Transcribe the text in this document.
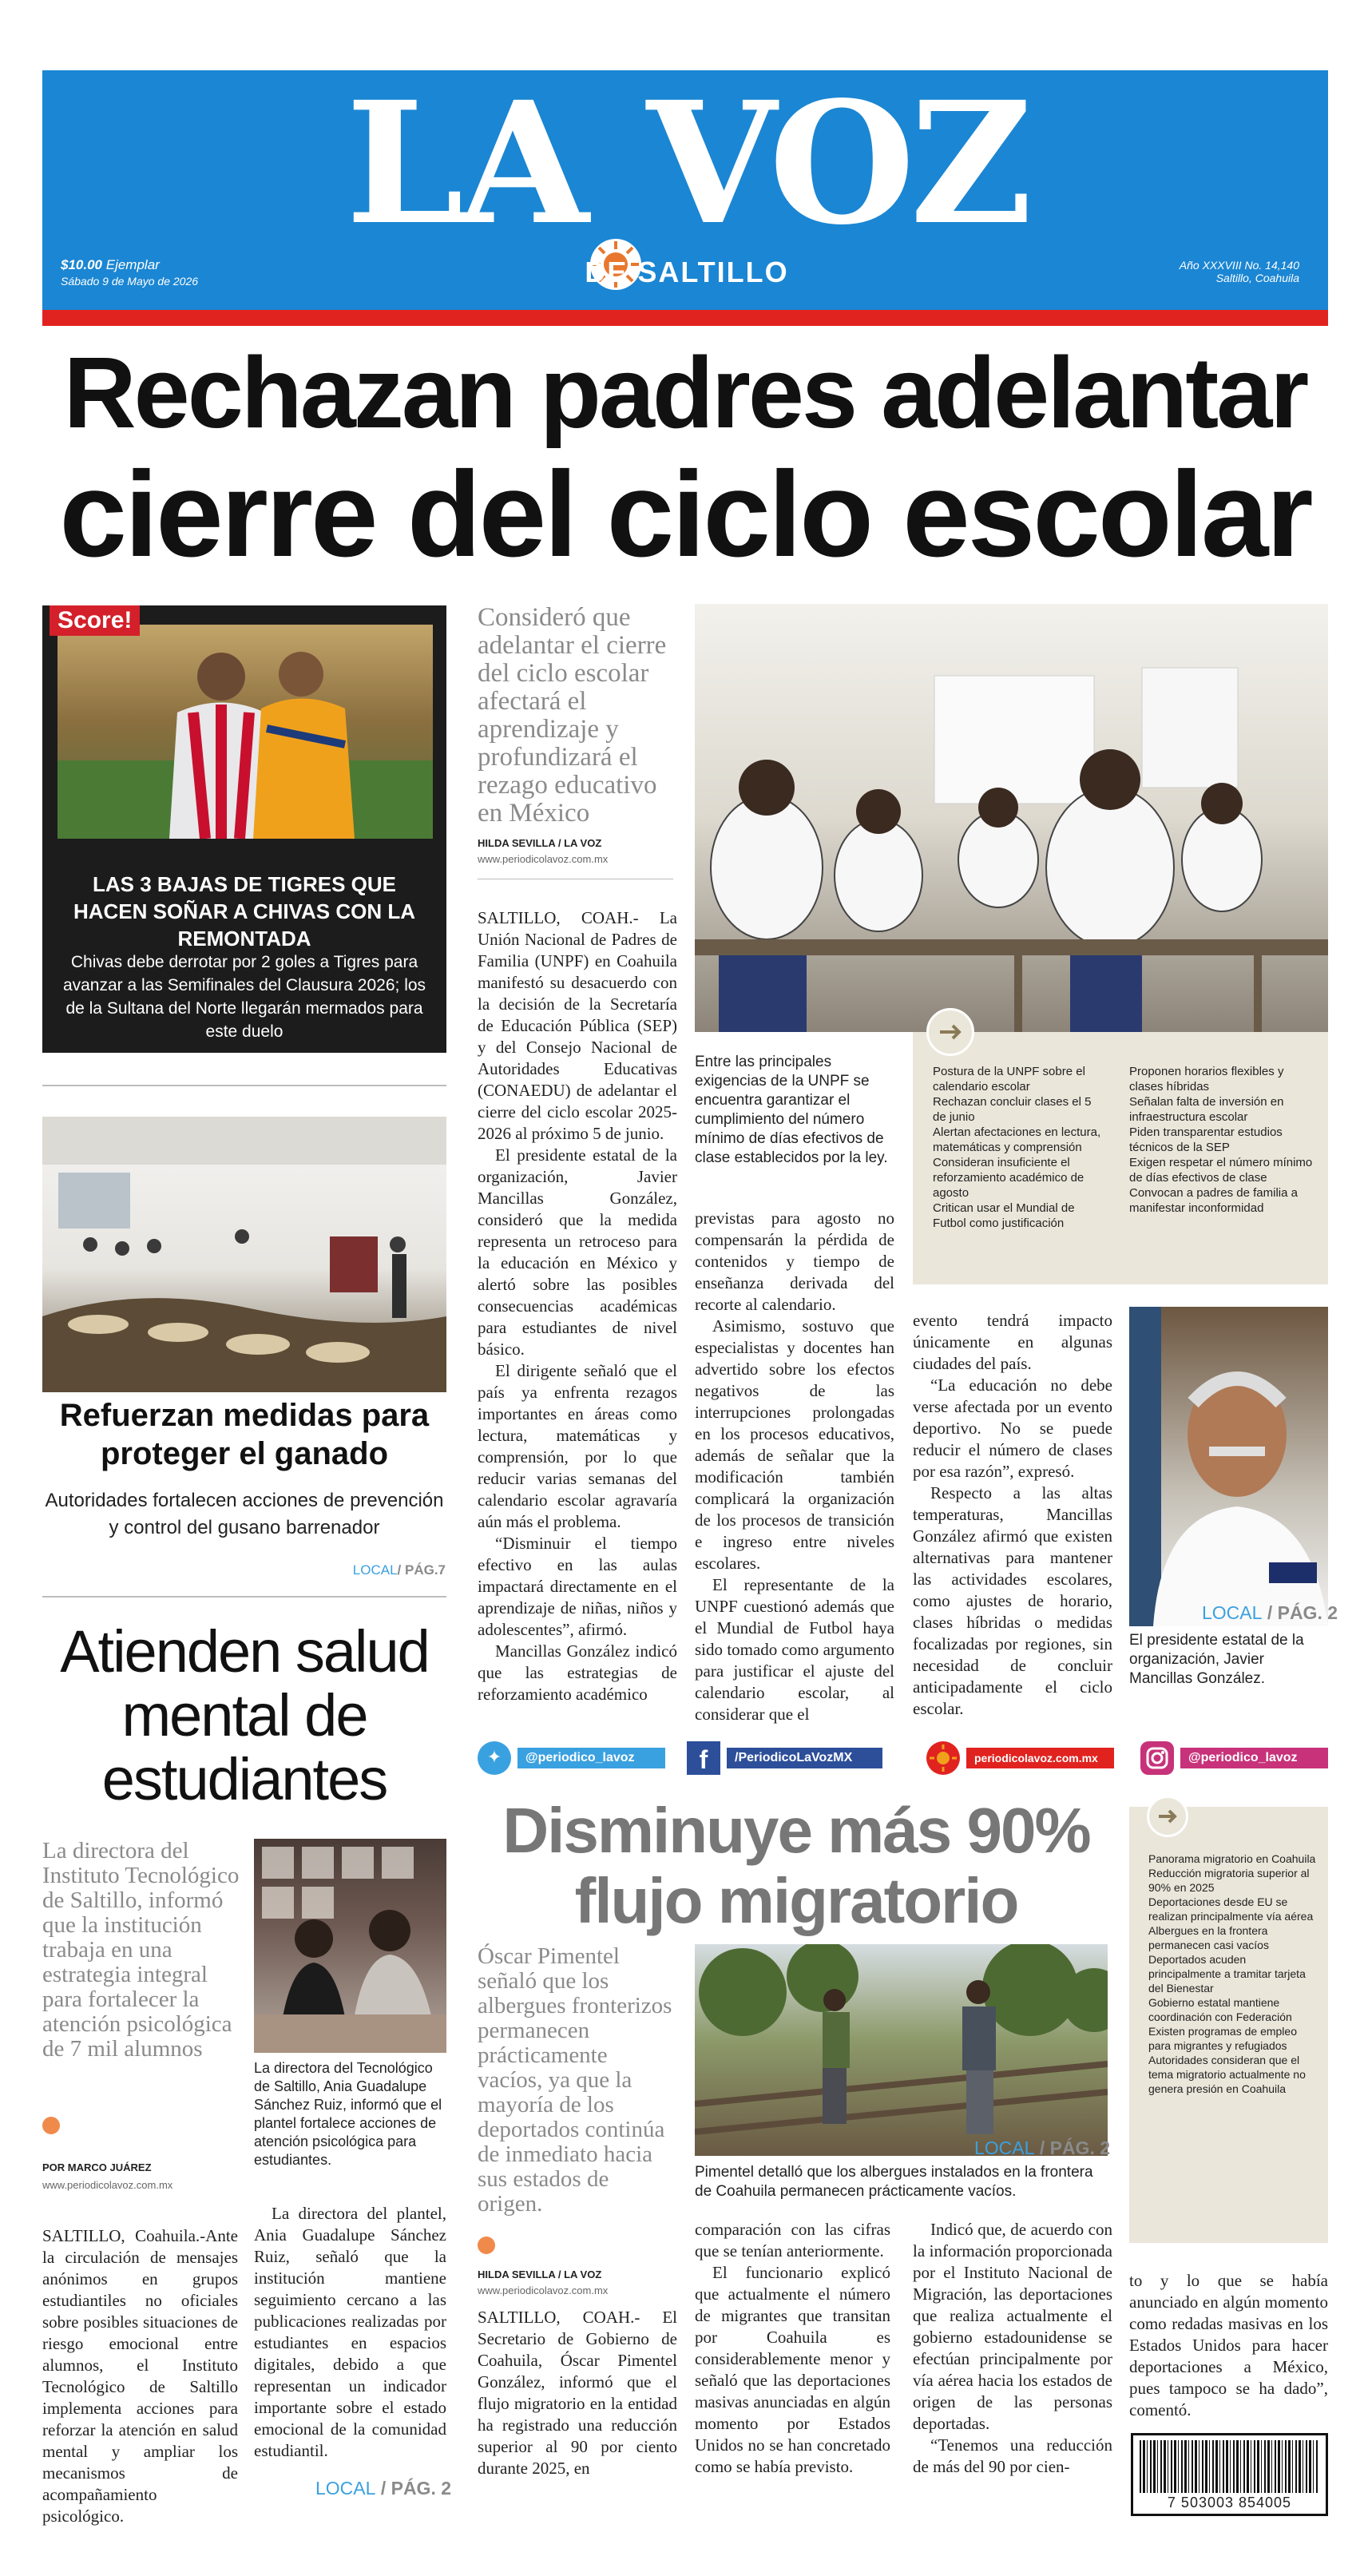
LA VOZ
DE SALTILLO
$10.00 Ejemplar
Sábado 9 de Mayo de 2026
Año XXXVIII No. 14,140
Saltillo, Coahuila
Rechazan padres adelantar
cierre del ciclo escolar
Score!
LAS 3 BAJAS DE TIGRES QUE HACEN SOÑAR A CHIVAS CON LA REMONTADA
Chivas debe derrotar por 2 goles a Tigres para avanzar a las Semifinales del Clausura 2026; los de la Sultana del Norte llegarán mermados para este duelo
Refuerzan medidas para proteger el ganado
Autoridades fortalecen acciones de prevención y control del gusano barrenador
LOCAL/ PÁG.7
Consideró que adelantar el cierre del ciclo escolar afectará el aprendizaje y profundizará el rezago educativo en México
HILDA SEVILLA / LA VOZ
www.periodicolavoz.com.mx

SALTILLO, COAH.- La Unión Nacional de Padres de Familia (UNPF) en Coahuila manifestó su desacuerdo con la decisión de la Secretaría de Educación Pública (SEP) y del Consejo Nacional de Autoridades Educativas (CONAEDU) de adelantar el cierre del ciclo escolar 2025-2026 al próximo 5 de junio.

El presidente estatal de la organización, Javier Mancillas González, consideró que la medida representa un retroceso para la educación en México y alertó sobre las posibles consecuencias académicas para estudiantes de nivel básico.

El dirigente señaló que el país ya enfrenta rezagos importantes en áreas como lectura, matemáticas y comprensión, por lo que reducir varias semanas del calendario escolar agravaría aún más el problema.

“Disminuir el tiempo efectivo en las aulas impactará directamente en el aprendizaje de niñas, niños y adolescentes”, afirmó.

Mancillas González indicó que las estrategias de reforzamiento académico

Entre las principales exigencias de la UNPF se encuentra garantizar el cumplimiento del número mínimo de días efectivos de clase establecidos por la ley.
Postura de la UNPF sobre el calendario escolar
Rechazan concluir clases el 5 de junio
Alertan afectaciones en lectura, matemáticas y comprensión
Consideran insuficiente el reforzamiento académico de agosto
Critican usar el Mundial de Futbol como justificación
Proponen horarios flexibles y clases híbridas
Señalan falta de inversión en infraestructura escolar
Piden transparentar estudios técnicos de la SEP
Exigen respetar el número mínimo de días efectivos de clase
Convocan a padres de familia a manifestar inconformidad

previstas para agosto no compensarán la pérdida de contenidos y tiempo de enseñanza derivada del recorte al calendario.

Asimismo, sostuvo que especialistas y docentes han advertido sobre los efectos negativos de las interrupciones prolongadas en los procesos educativos, además de señalar que la modificación también complicará la organización de los procesos de transición e ingreso entre niveles escolares.

El representante de la UNPF cuestionó además que el Mundial de Futbol haya sido tomado como argumento para justificar el ajuste del calendario escolar, al considerar que el

evento tendrá impacto únicamente en algunas ciudades del país.

“La educación no debe verse afectada por un evento deportivo. No se puede reducir el número de clases por esa razón”, expresó.

Respecto a las altas temperaturas, Mancillas González afirmó que existen alternativas para mantener las actividades escolares, como ajustes de horario, clases híbridas o medidas focalizadas por regiones, sin necesidad de concluir anticipadamente el ciclo escolar.

LOCAL / PÁG. 2
El presidente estatal de la organización, Javier Mancillas González.
✦	@periodico_lavoz	f	/PeriodicoLaVozMX	periodicolavoz.com.mx	@periodico_lavoz
Atienden salud mental de estudiantes
La directora del Instituto Tecnológico de Saltillo, informó que la institución trabaja en una estrategia integral para fortalecer la atención psicológica de 7 mil alumnos
POR MARCO JUÁREZ
www.periodicolavoz.com.mx
La directora del Tecnológico de Saltillo, Ania Guadalupe Sánchez Ruiz, informó que el plantel fortalece acciones de atención psicológica para estudiantes.

SALTILLO, Coahuila.-Ante la circulación de mensajes anónimos en grupos estudiantiles no oficiales sobre posibles situaciones de riesgo emocional entre alumnos, el Instituto Tecnológico de Saltillo implementa acciones para reforzar la atención en salud mental y ampliar los mecanismos de acompañamiento psicológico.

La directora del plantel, Ania Guadalupe Sánchez Ruiz, señaló que la institución mantiene seguimiento cercano a las publicaciones realizadas por estudiantes en espacios digitales, debido a que representan un indicador importante sobre el estado emocional de la comunidad estudiantil.

LOCAL / PÁG. 2
Disminuye más 90% flujo migratorio
Óscar Pimentel señaló que los albergues fronterizos permanecen prácticamente vacíos, ya que la mayoría de los deportados continúa de inmediato hacia sus estados de origen.
HILDA SEVILLA / LA VOZ
www.periodicolavoz.com.mx
LOCAL / PÁG. 2
Pimentel detalló que los albergues instalados en la frontera de Coahuila permanecen prácticamente vacíos.

SALTILLO, COAH.- El Secretario de Gobierno de Coahuila, Óscar Pimentel González, informó que el flujo migratorio en la entidad ha registrado una reducción superior al 90 por ciento durante 2025, en

comparación con las cifras que se tenían anteriormente.

El funcionario explicó que actualmente el número de migrantes que transitan por Coahuila es considerablemente menor y señaló que las deportaciones masivas anunciadas en algún momento por Estados Unidos no se han concretado como se había previsto.

Indicó que, de acuerdo con la información proporcionada por el Instituto Nacional de Migración, las deportaciones que realiza actualmente el gobierno estadounidense se efectúan principalmente por vía aérea hacia los estados de origen de las personas deportadas.

“Tenemos una reducción de más del 90 por cien-

Panorama migratorio en Coahuila
Reducción migratoria superior al 90% en 2025
Deportaciones desde EU se realizan principalmente vía aérea
Albergues en la frontera permanecen casi vacíos
Deportados acuden principalmente a tramitar tarjeta del Bienestar
Gobierno estatal mantiene coordinación con Federación
Existen programas de empleo para migrantes y refugiados
Autoridades consideran que el tema migratorio actualmente no genera presión en Coahuila

to y lo que se había anunciado en algún momento como redadas masivas en los Estados Unidos para hacer deportaciones a México, pues tampoco se ha dado”, comentó.

7 503003 854005
